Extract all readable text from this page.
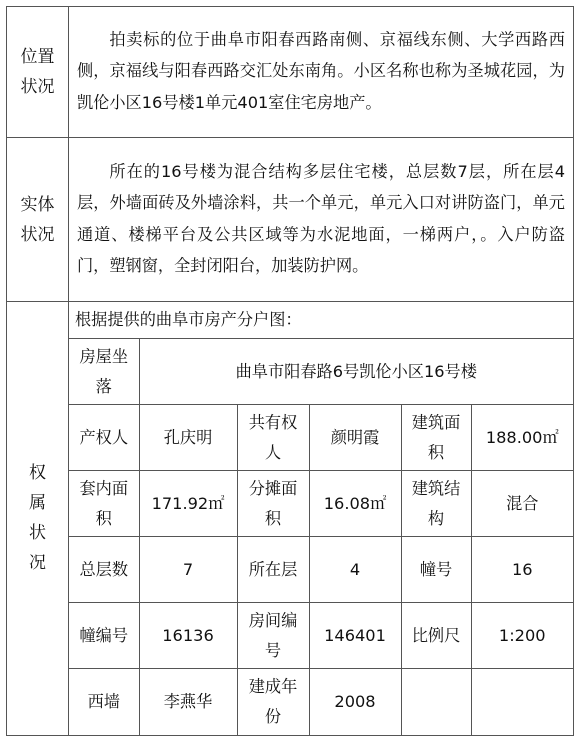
位置状况	拍卖标的位于曲阜市阳春西路南侧、京福线东侧、大学西路西侧，京福线与阳春西路交汇处东南角。小区名称也称为圣城花园，为凯伦小区16号楼1单元401室住宅房地产。
实体状况	所在的16号楼为混合结构多层住宅楼，总层数7层，所在层4层，外墙面砖及外墙涂料，共一个单元，单元入口对讲防盗门，单元通道、楼梯平台及公共区域等为水泥地面，一梯两户，。入户防盗门，塑钢窗，全封闭阳台，加装防护网。
权属状况	
根据提供的曲阜市房产分户图：
房屋坐落	曲阜市阳春路6号凯伦小区16号楼
产权人	孔庆明	共有权人	颜明霞	建筑面积	188.00㎡
套内面积	171.92㎡	分摊面积	16.08㎡	建筑结构	混合
总层数	7	所在层	4	幢号	16
幢编号	16136	房间编号	146401	比例尺	1:200
西墙	李燕华	建成年份	2008		
